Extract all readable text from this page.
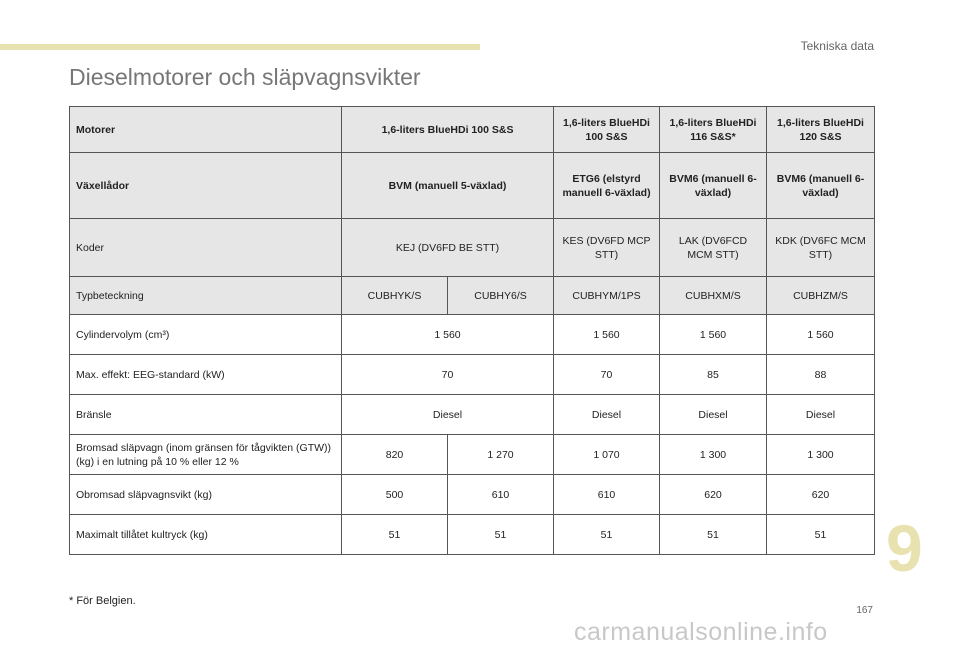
Tekniska data
Dieselmotorer och släpvagnsvikter
Motorer	1,6-liters BlueHDi 100 S&S		1,6-liters BlueHDi 100 S&S	1,6-liters BlueHDi 116 S&S*	1,6-liters BlueHDi 120 S&S
Växellådor	BVM (manuell 5-växlad)		ETG6 (elstyrd manuell 6-växlad)	BVM6 (manuell 6-växlad)	BVM6 (manuell 6-växlad)
Koder	KEJ (DV6FD BE STT)		KES (DV6FD MCP STT)	LAK (DV6FCD MCM STT)	KDK (DV6FC MCM STT)
Typbeteckning	CUBHYK/S	CUBHY6/S	CUBHYM/1PS	CUBHXM/S	CUBHZM/S
Cylindervolym (cm³)	1 560		1 560	1 560	1 560
Max. effekt: EEG-standard (kW)	70		70	85	88
Bränsle	Diesel		Diesel	Diesel	Diesel
Bromsad släpvagn (inom gränsen för tågvikten (GTW)) (kg) i en lutning på 10 % eller 12 %	820	1 270	1 070	1 300	1 300
Obromsad släpvagnsvikt (kg)	500	610	610	620	620
Maximalt tillåtet kultryck (kg)	51	51	51	51	51
* För Belgien.
9
167
carmanualsonline.info
